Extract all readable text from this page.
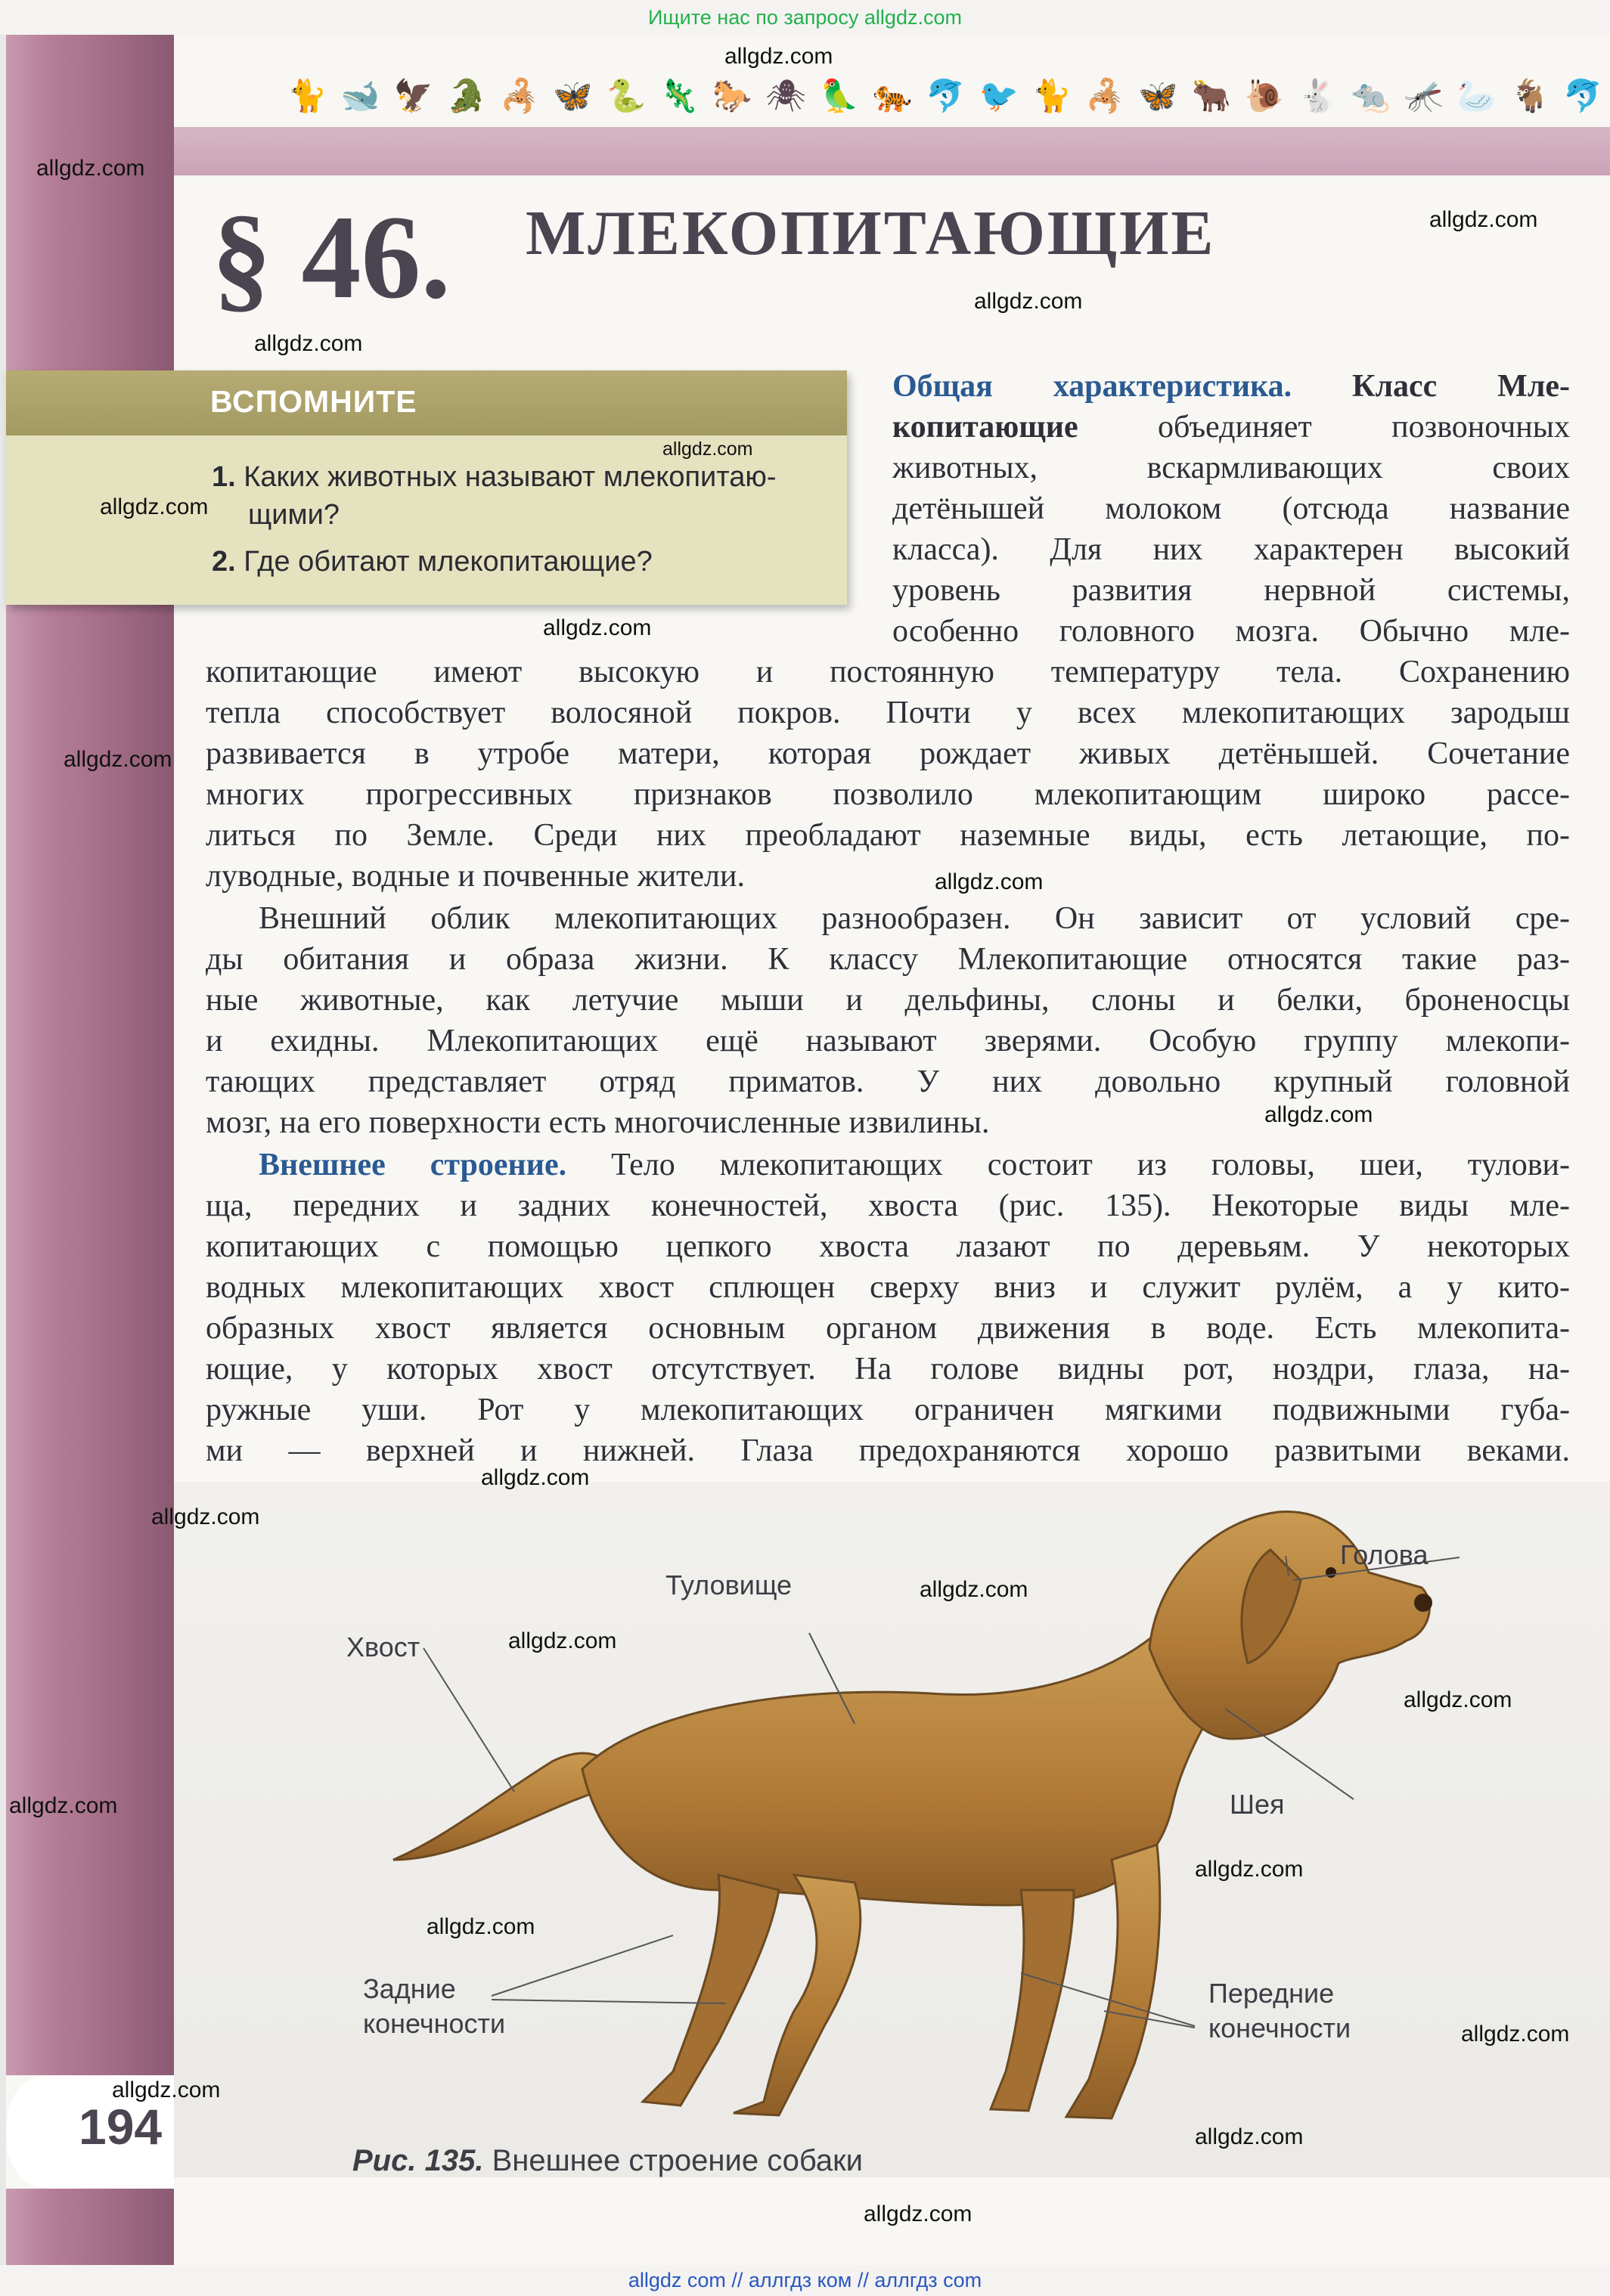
Ищите нас по запросу allgdz.com
🐈 🐋 🦅 🐊 🦂 🦋 🐍 🦎 🐎 🕷 🦜 🐅 🐬 🐦 🐈 🦂 🦋 🐂 🐌 🐇 🐀 🦟 🦢 🐐 🐬
§ 46. МЛЕКОПИТАЮЩИЕ
ВСПОМНИТЕ
1. Каких животных называют млекопитаю-
щими?
2. Где обитают млекопитающие?
Общая характеристика. Класс Мле-
копитающие	объединяет позвоночных
животных, вскармливающих своих
детёнышей молоком (отсюда название
класса). Для них характерен высокий
уровень развития нервной системы,
особенно головного мозга. Обычно мле-
копитающие имеют высокую и постоянную температуру тела. Сохранению
тепла способствует волосяной покров. Почти у всех млекопитающих зародыш
развивается в утробе матери, которая рождает живых детёнышей. Сочетание
многих прогрессивных признаков позволило млекопитающим широко рассе-
литься по Земле. Среди них преобладают наземные виды, есть летающие, по-
луводные, водные и почвенные жители.
Внешний облик млекопитающих разнообразен. Он зависит от условий сре-
ды обитания и образа жизни. К классу Млекопитающие относятся такие раз-
ные животные, как летучие мыши и дельфины, слоны и белки, броненосцы
и ехидны. Млекопитающих ещё называют зверями. Особую группу млекопи-
тающих представляет отряд приматов. У них довольно крупный головной
мозг, на его поверхности есть многочисленные извилины.
Внешнее строение. Тело млекопитающих состоит из головы, шеи, тулови-
ща, передних и задних конечностей, хвоста (рис. 135). Некоторые виды мле-
копитающих с помощью цепкого хвоста лазают по деревьям. У некоторых
водных млекопитающих хвост сплющен сверху вниз и служит рулём, а у кито-
образных хвост является основным органом движения в воде. Есть млекопита-
ющие, у которых хвост отсутствует. На голове видны рот, ноздри, глаза, на-
ружные уши. Рот у млекопитающих ограничен мягкими подвижными губа-
ми — верхней и нижней. Глаза предохраняются хорошо развитыми веками.
Голова
Туловище
Хвост
Шея
Задние
конечности
Передние
конечности
Рис. 135. Внешнее строение собаки
194
allgdz.com
allgdz.com
allgdz.com
allgdz.com
allgdz.com
allgdz.com
allgdz.com
allgdz.com
allgdz.com
allgdz.com
allgdz.com
allgdz.com
allgdz.com
allgdz.com
allgdz.com
allgdz.com
allgdz.com
allgdz.com
allgdz.com
allgdz.com
allgdz.com
allgdz.com
allgdz.com
allgdz com // аллгдз ком // аллгдз сom
